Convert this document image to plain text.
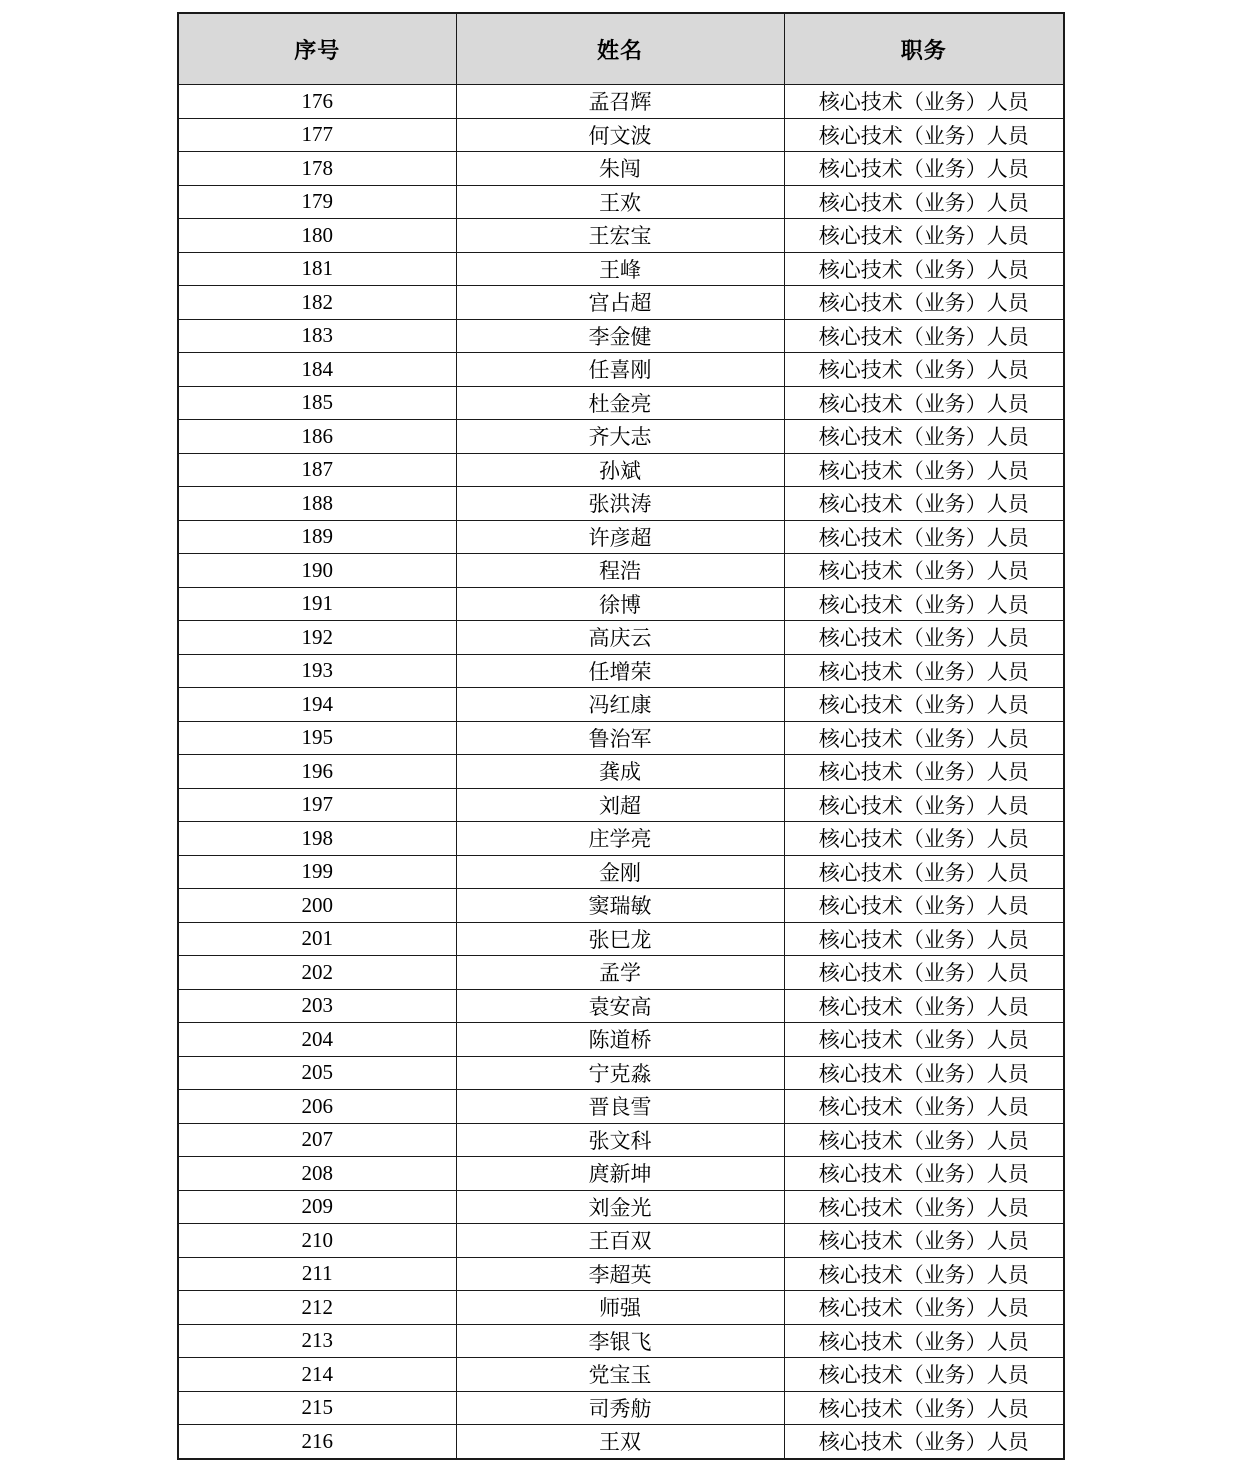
序号	姓名	职务
176	孟召辉	核心技术（业务）人员
177	何文波	核心技术（业务）人员
178	朱闯	核心技术（业务）人员
179	王欢	核心技术（业务）人员
180	王宏宝	核心技术（业务）人员
181	王峰	核心技术（业务）人员
182	宫占超	核心技术（业务）人员
183	李金健	核心技术（业务）人员
184	任喜刚	核心技术（业务）人员
185	杜金亮	核心技术（业务）人员
186	齐大志	核心技术（业务）人员
187	孙斌	核心技术（业务）人员
188	张洪涛	核心技术（业务）人员
189	许彦超	核心技术（业务）人员
190	程浩	核心技术（业务）人员
191	徐博	核心技术（业务）人员
192	高庆云	核心技术（业务）人员
193	任增荣	核心技术（业务）人员
194	冯红康	核心技术（业务）人员
195	鲁治军	核心技术（业务）人员
196	龚成	核心技术（业务）人员
197	刘超	核心技术（业务）人员
198	庄学亮	核心技术（业务）人员
199	金刚	核心技术（业务）人员
200	窦瑞敏	核心技术（业务）人员
201	张巳龙	核心技术（业务）人员
202	孟学	核心技术（业务）人员
203	袁安高	核心技术（业务）人员
204	陈道桥	核心技术（业务）人员
205	宁克淼	核心技术（业务）人员
206	晋良雪	核心技术（业务）人员
207	张文科	核心技术（业务）人员
208	庹新坤	核心技术（业务）人员
209	刘金光	核心技术（业务）人员
210	王百双	核心技术（业务）人员
211	李超英	核心技术（业务）人员
212	师强	核心技术（业务）人员
213	李银飞	核心技术（业务）人员
214	党宝玉	核心技术（业务）人员
215	司秀舫	核心技术（业务）人员
216	王双	核心技术（业务）人员
